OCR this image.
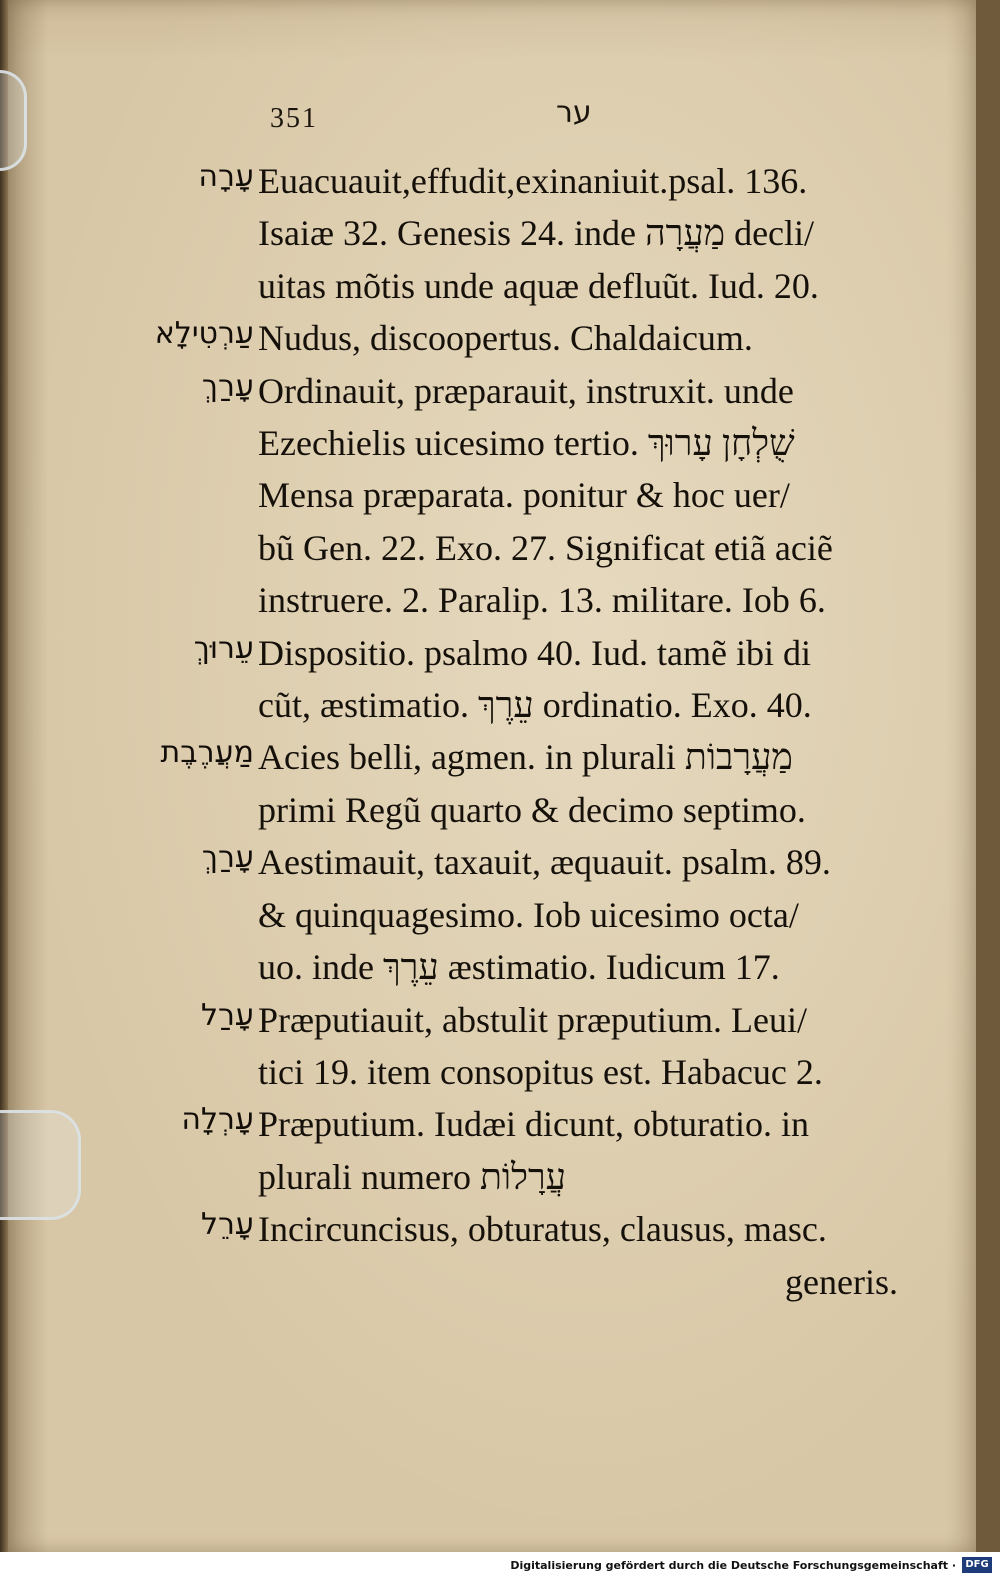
351	ער
עָרָה Euacuauit,effudit,exinaniuit.psal. 136.
Isaiæ 32. Genesis 24. inde מַעֲרָה decli/
uitas mõtis unde aquæ defluũt. Iud. 20.
עַרְטִילָא Nudus, discoopertus. Chaldaicum.
עָרַךְ Ordinauit, præparauit, instruxit. unde
Ezechielis uicesimo tertio. שֻׁלְחָן עָרוּךְ
Mensa præparata. ponitur & hoc uer/
bũ Gen. 22. Exo. 27. Significat etiã aciẽ
instruere. 2. Paralip. 13. militare. Iob 6.
עֵרוּךְ Dispositio. psalmo 40. Iud. tamẽ ibi di
cũt, æstimatio. עֵרֶךְ ordinatio. Exo. 40.
מַעֲרֶבֶת Acies belli, agmen. in plurali מַעֲרָבוֹת
primi Regũ quarto & decimo septimo.
עָרַךְ Aestimauit, taxauit, æquauit. psalm. 89.
& quinquagesimo. Iob uicesimo octa/
uo. inde עֵרֶךְ æstimatio. Iudicum 17.
עָרַל Præputiauit, abstulit præputium. Leui/
tici 19. item consopitus est. Habacuc 2.
עָרְלָה Præputium. Iudæi dicunt, obturatio. in
plurali numero עֲרָלוֹת
עָרֵל Incircuncisus, obturatus, clausus, masc.
generis.
Digitalisierung gefördert durch die Deutsche Forschungsgemeinschaft · DFG
